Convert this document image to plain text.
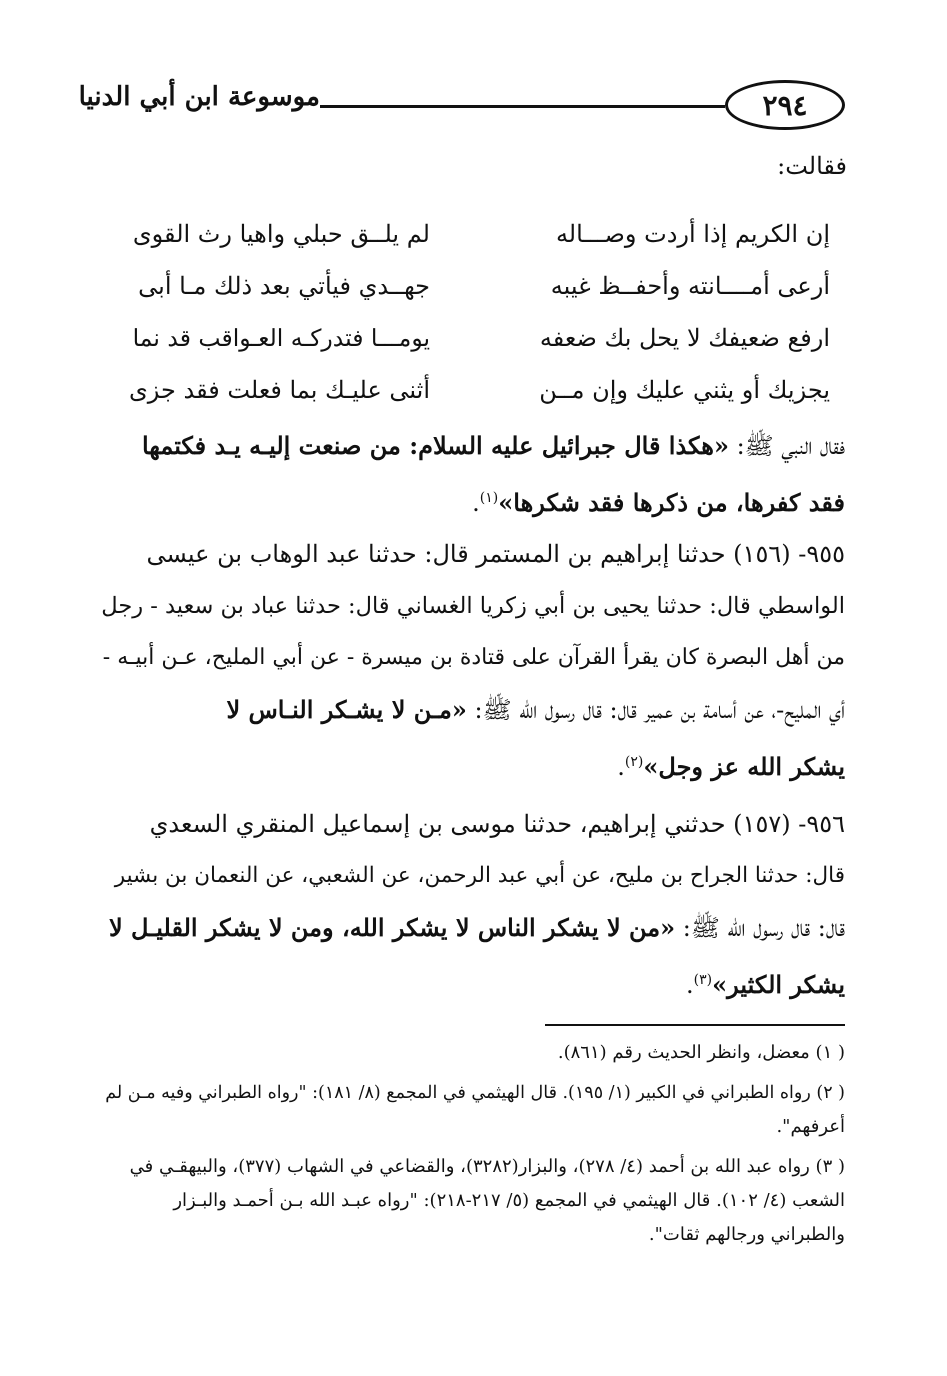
موسوعة ابن أبي الدنيا	٢٩٤
فقالت:
إن الكريم إذا أردت وصـــاله
لم يلــق حبلي واهيا رث القوى
أرعى أمــــانته وأحفــظ غيبه
جهــدي فيأتي بعد ذلك مـا أبى
ارفع ضعيفك لا يحل بك ضعفه
يومـــا فتدركـه العـواقب قد نما
يجزيك أو يثني عليك وإن مــن
أثنى عليـك بما فعلت فقد جزى
فقال النبي ﷺ: «هكذا قال جبرائيل عليه السلام: من صنعت إليـه يـد فكتمها
فقد كفرها، من ذكرها فقد شكرها»$^{(١)}$.
٩٥٥- (١٥٦) حدثنا إبراهيم بن المستمر قال: حدثنا عبد الوهاب بن عيسى
الواسطي قال: حدثنا يحيى بن أبي زكريا الغساني قال: حدثنا عباد بن سعيد - رجل
من أهل البصرة كان يقرأ القرآن على قتادة بن ميسرة - عن أبي المليح، عـن أبيـه -
أي المليح-، عن أسامة بن عمير قال: قال رسول الله ﷺ: «مـن لا يشـكر النـاس لا
يشكر الله عز وجل»$^{(٢)}$.
٩٥٦- (١٥٧) حدثني إبراهيم، حدثنا موسى بن إسماعيل المنقري السعدي
قال: حدثنا الجراح بن مليح، عن أبي عبد الرحمن، عن الشعبي، عن النعمان بن بشير
قال: قال رسول الله ﷺ: «من لا يشكر الناس لا يشكر الله، ومن لا يشكر القليـل لا
يشكر الكثير»$^{(٣)}$.
( ١) معضل، وانظر الحديث رقم (٨٦١).
( ٢) رواه الطبراني في الكبير (١/ ١٩٥). قال الهيثمي في المجمع (٨/ ١٨١): "رواه الطبراني وفيه مـن لم
أعرفهم".
( ٣) رواه عبد الله بن أحمد (٤/ ٢٧٨)، والبزار(٣٢٨٢)، والقضاعي في الشهاب (٣٧٧)، والبيهقـي في
الشعب (٤/ ١٠٢). قال الهيثمي في المجمع (٥/ ٢١٧-٢١٨): "رواه عبـد الله بـن أحمـد والبـزار
والطبراني ورجالهم ثقات".
